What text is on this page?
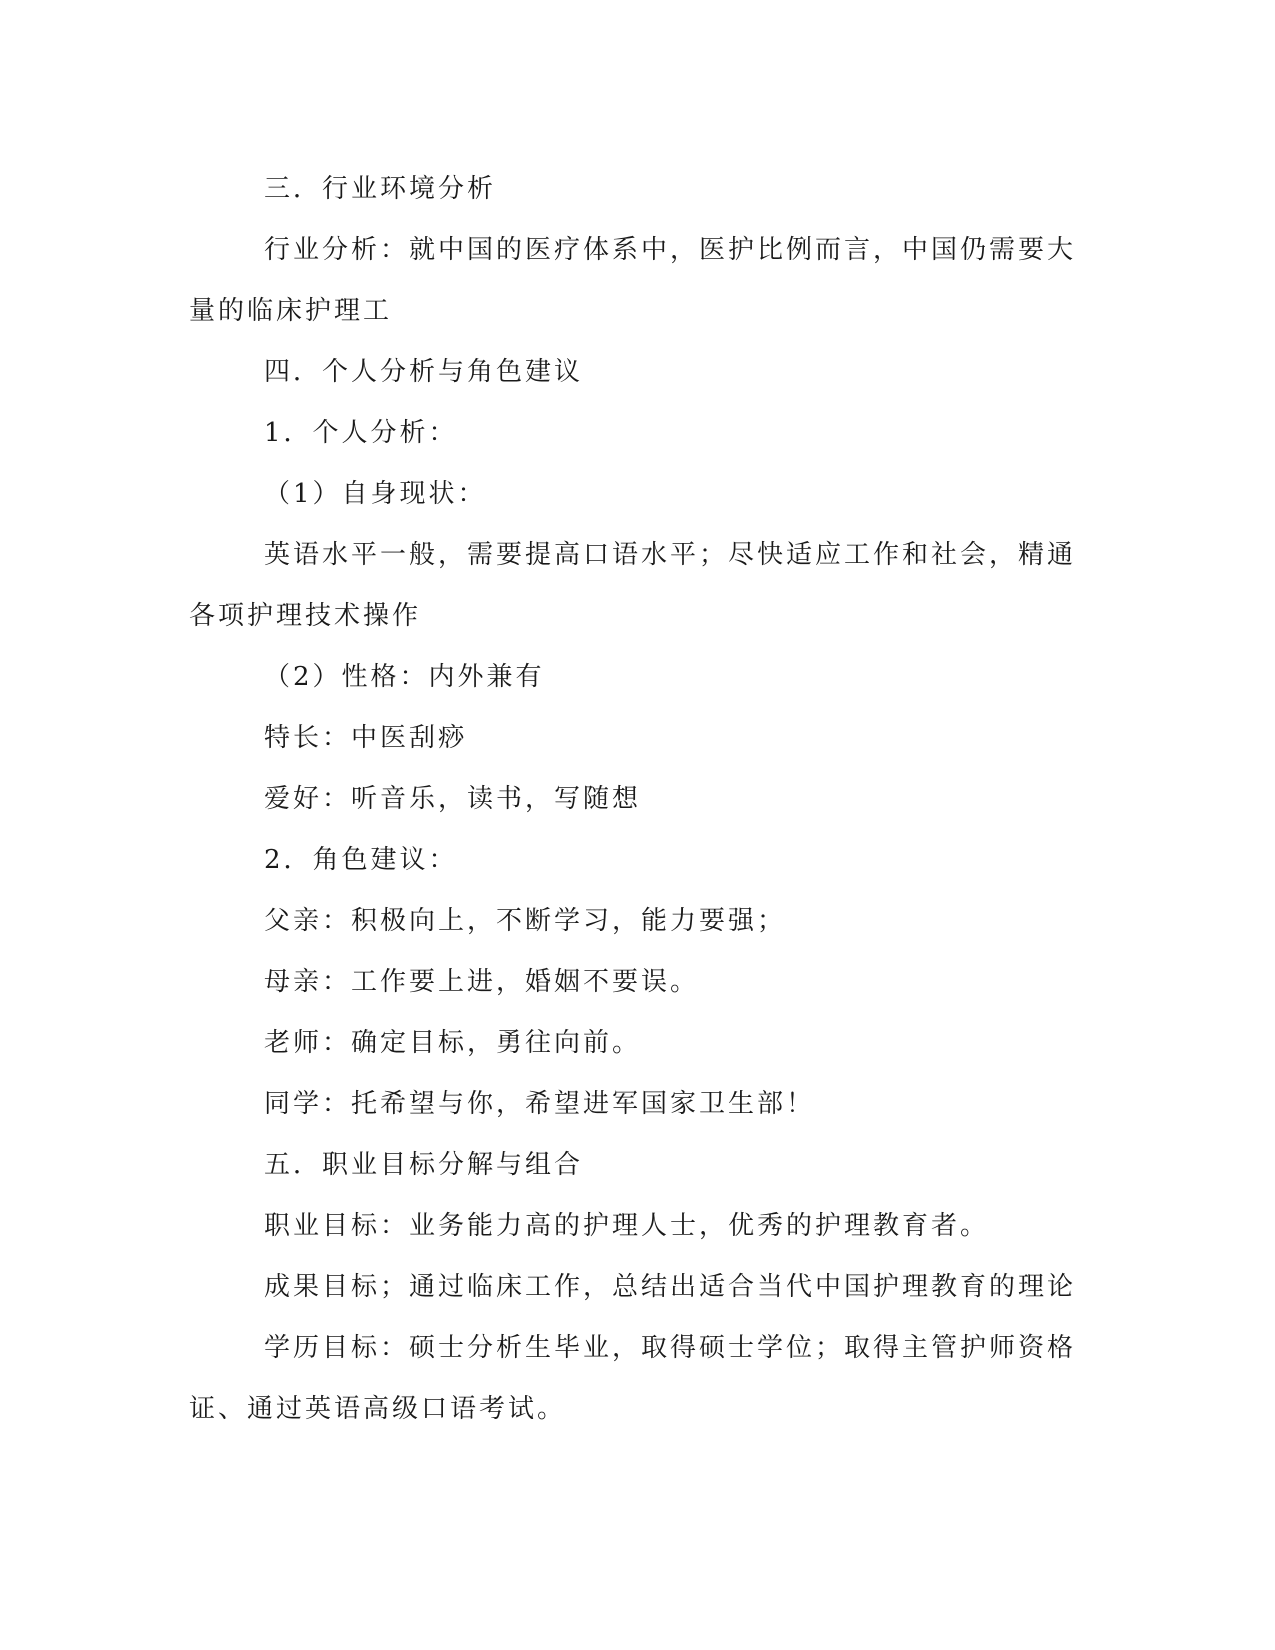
三．行业环境分析

行业分析：就中国的医疗体系中，医护比例而言，中国仍需要大量的临床护理工

四．个人分析与角色建议

1．个人分析：

（1）自身现状：

英语水平一般，需要提高口语水平；尽快适应工作和社会，精通各项护理技术操作

（2）性格：内外兼有

特长：中医刮痧

爱好：听音乐，读书，写随想

2．角色建议：

父亲：积极向上，不断学习，能力要强；

母亲：工作要上进，婚姻不要误。

老师：确定目标，勇往向前。

同学：托希望与你，希望进军国家卫生部！

五．职业目标分解与组合

职业目标：业务能力高的护理人士，优秀的护理教育者。

成果目标；通过临床工作，总结出适合当代中国护理教育的理论

学历目标：硕士分析生毕业，取得硕士学位；取得主管护师资格证、通过英语高级口语考试。
